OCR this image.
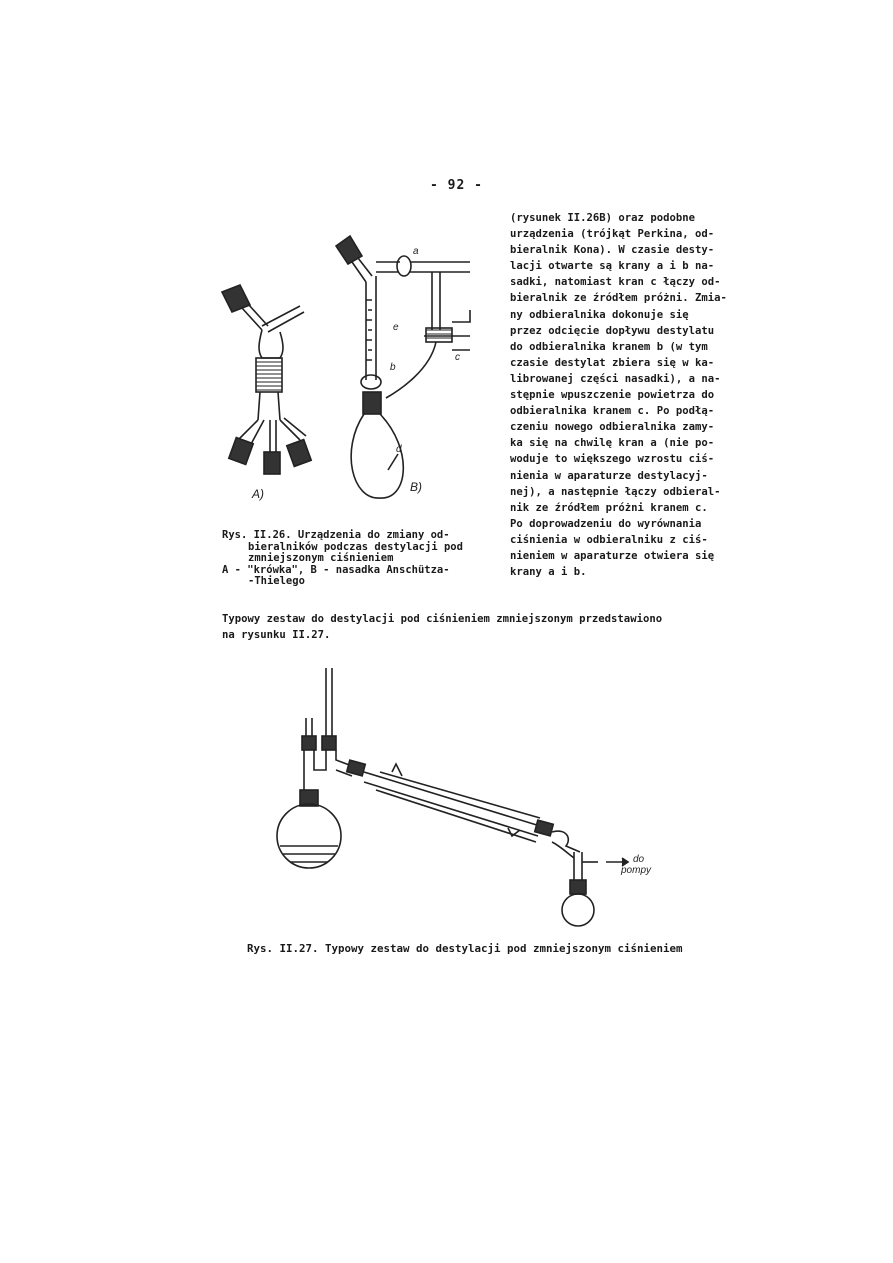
- 92 -
A)	B)
a
b
c
d
e
do
pompy
(rysunek II.26B) oraz podobne
urządzenia (trójkąt Perkina, od-
bieralnik Kona). W czasie desty-
lacji otwarte są krany a i b na-
sadki, natomiast kran c łączy od-
bieralnik ze źródłem próżni. Zmia-
ny odbieralnika dokonuje się
przez odcięcie dopływu destylatu
do odbieralnika kranem b (w tym
czasie destylat zbiera się w ka-
librowanej części nasadki), a na-
stępnie wpuszczenie powietrza do
odbieralnika kranem c. Po podłą-
czeniu nowego odbieralnika zamy-
ka się na chwilę kran a (nie po-
woduje to większego wzrostu ciś-
nienia w aparaturze destylacyj-
nej), a następnie łączy odbieral-
nik ze źródłem próżni kranem c.
Po doprowadzeniu do wyrównania
ciśnienia w odbieralniku z ciś-
nieniem w aparaturze otwiera się
krany a i b.
Rys. II.26. Urządzenia do zmiany od-
bieralników podczas destylacji pod
zmniejszonym ciśnieniem
A - "krówka", B - nasadka Anschütza-
-Thielego
Typowy zestaw do destylacji pod ciśnieniem zmniejszonym przedstawiono
na rysunku II.27.
Rys. II.27. Typowy zestaw do destylacji pod zmniejszonym ciśnieniem
